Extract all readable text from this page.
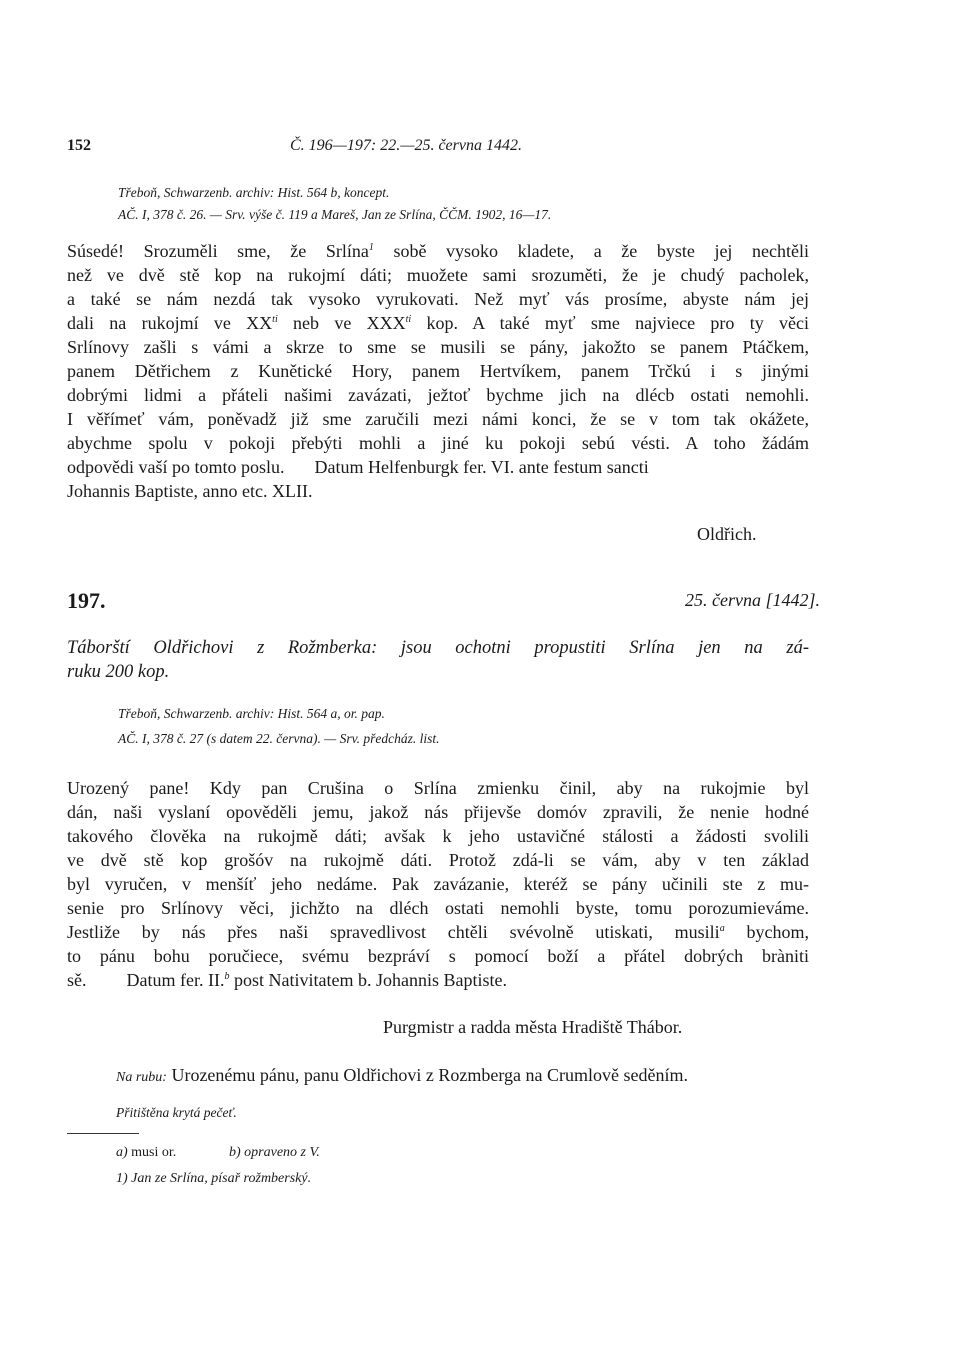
152	Č. 196—197: 22.—25. června 1442.
Třeboň, Schwarzenb. archiv: Hist. 564 b, koncept.
AČ. I, 378 č. 26. — Srv. výše č. 119 a Mareš, Jan ze Srlína, ČČM. 1902, 16—17.
Súsedé! Srozuměli sme, že Srlína$^1$ sobě vysoko kladete, a že byste jej nechtěli
než ve dvě stě kop na rukojmí dáti; muožete sami srozuměti, že je chudý pacholek,
a také se nám nezdá tak vysoko vyrukovati. Než myť vás prosíme, abyste nám jej
dali na rukojmí ve $XX^{ti}$ neb ve $XXX^{ti}$ kop. A také myť sme najviece pro ty věci
Srlínovy zašli s vámi a skrze to sme se musili se pány, jakožto se panem Ptáčkem,
panem Dětřichem z Kunětické Hory, panem Hertvíkem, panem Trčkú i s jinými
dobrými lidmi a přáteli našimi zavázati, ježtoť bychme jich na dlécb ostati nemohli.
I věřímeť vám, poněvadž již sme zaručili mezi námi konci, že se v tom tak okážete,
abychme spolu v pokoji přebýti mohli a jiné ku pokoji sebú vésti. A toho žádám
odpovědi vaší po tomto poslu. Datum Helfenburgk fer. VI. ante festum sancti
Johannis Baptiste, anno etc. XLII.
Oldřich.
197.	25. června [1442].
Táborští Oldřichovi z Rožmberka: jsou ochotni propustiti Srlína jen na zá-
ruku 200 kop.
Třeboň, Schwarzenb. archiv: Hist. 564 a, or. pap.
AČ. I, 378 č. 27 (s datem 22. června). — Srv. předcház. list.
Urozený pane! Kdy pan Crušina o Srlína zmienku činil, aby na rukojmie byl
dán, naši vyslaní opověděli jemu, jakož nás přijevše domóv zpravili, že nenie hodné
takového člověka na rukojmě dáti; avšak k jeho ustavičné stálosti a žádosti svolili
ve dvě stě kop grošóv na rukojmě dáti. Protož zdá-li se vám, aby v ten základ
byl vyručen, v menšíť jeho nedáme. Pak zavázanie, kteréž se pány učinili ste z mu-
senie pro Srlínovy věci, jichžto na dléch ostati nemohli byste, tomu porozumieváme.
Jestliže by nás přes naši spravedlivost chtěli svévolně utiskati, musili$^a$ bychom,
to pánu bohu poručiece, svému bezpráví s pomocí boží a přátel dobrých bràniti
sě. Datum fer. II.$^b$ post Nativitatem b. Johannis Baptiste.
Purgmistr a radda města Hradiště Thábor.
Na rubu: Urozenému pánu, panu Oldřichovi z Rozmberga na Crumlově seděním.
Přitištěna krytá pečeť.
a) musi or.	b) opraveno z V.
1) Jan ze Srlína, písař rožmberský.
